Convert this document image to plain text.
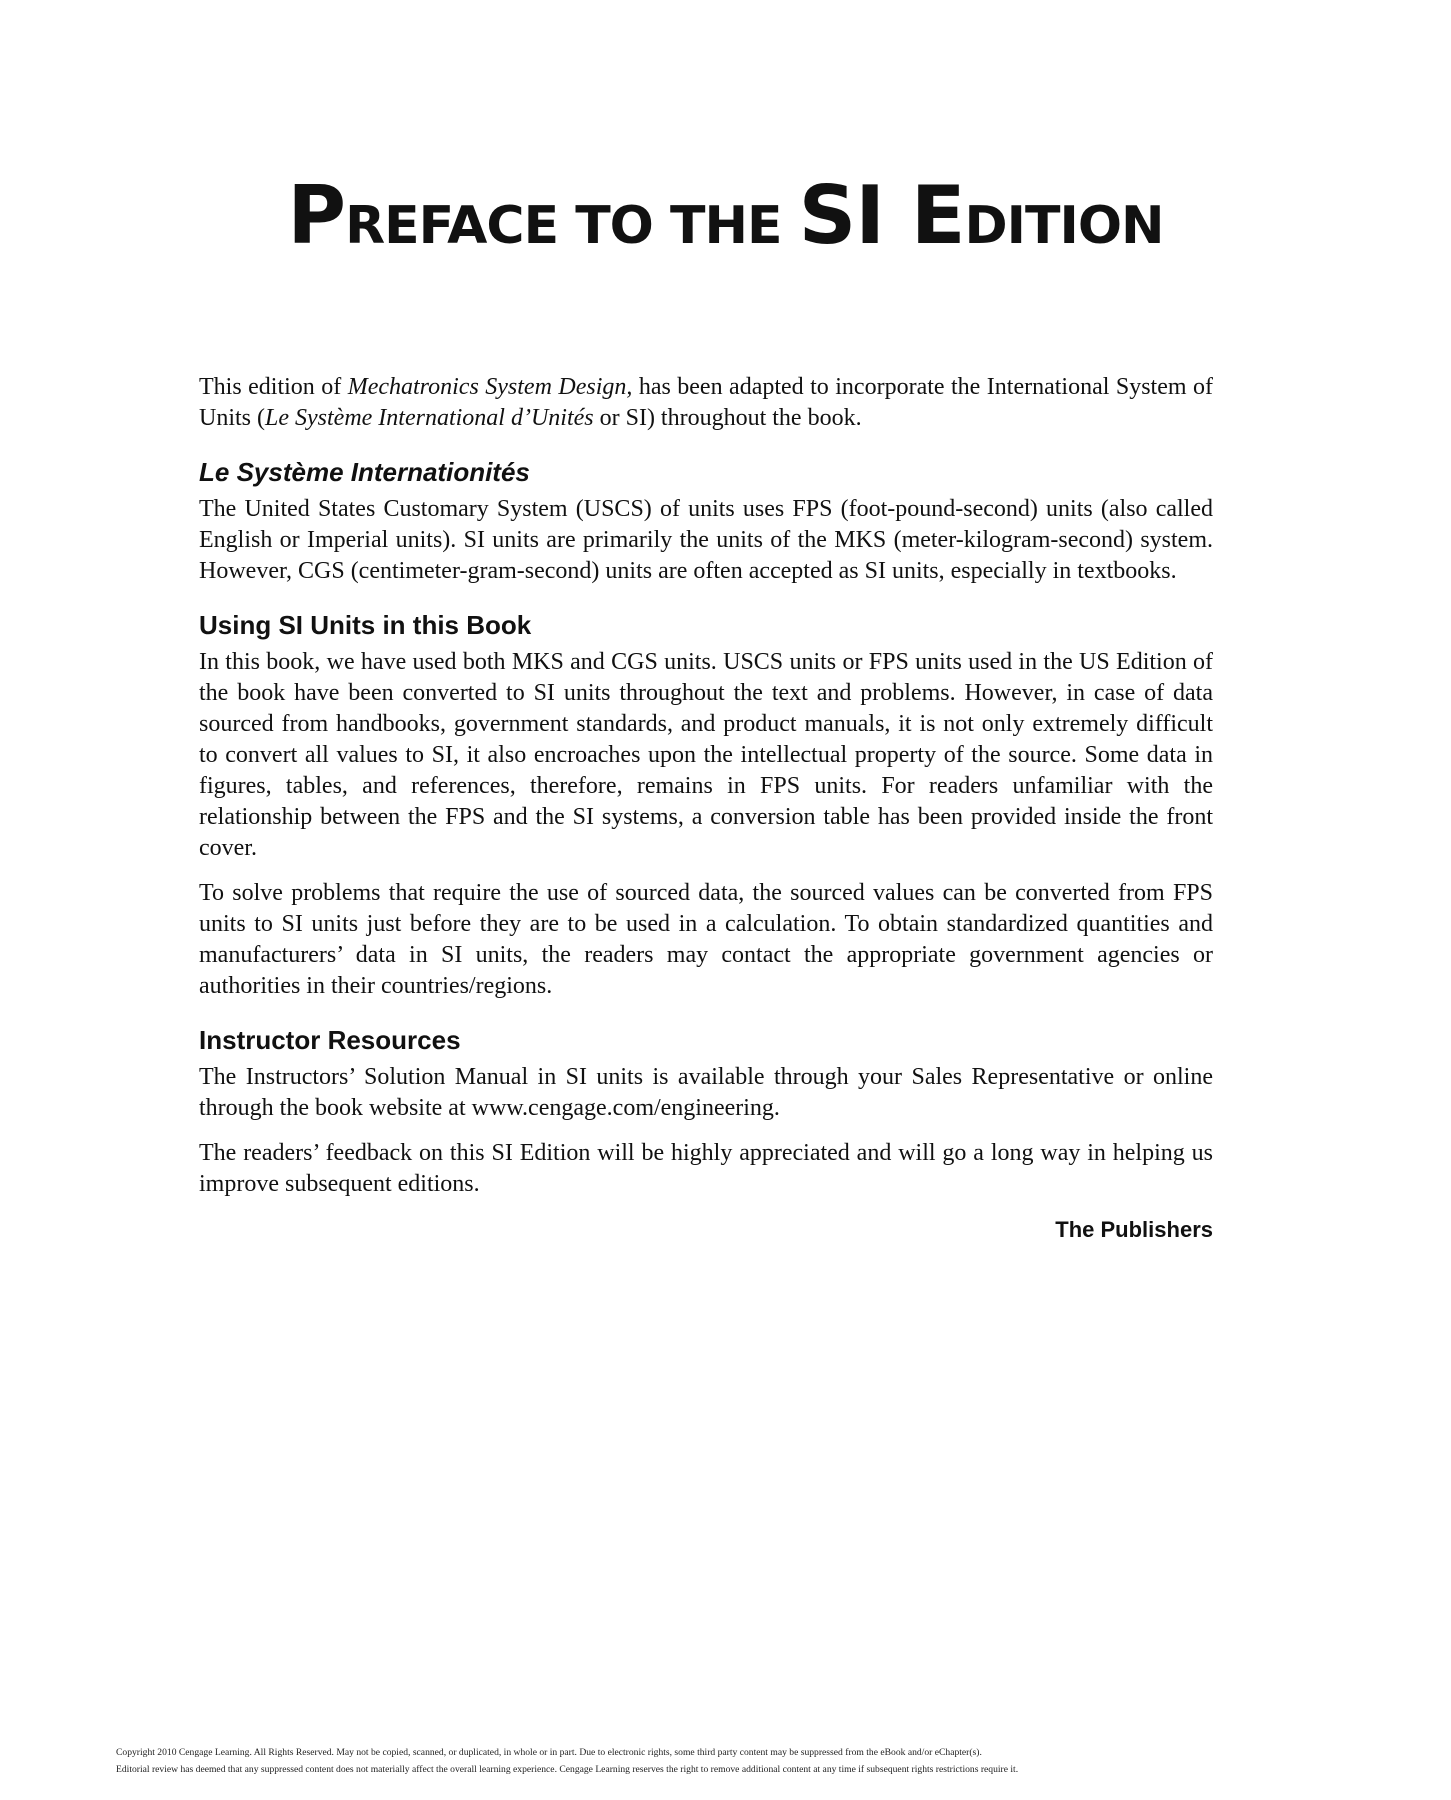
PREFACE TO THE SI EDITION

This edition of Mechatronics System Design, has been adapted to incorporate the International System of Units (Le Système International d’Unités or SI) throughout the book.

Le Système Internationités

The United States Customary System (USCS) of units uses FPS (foot-pound-second) units (also called English or Imperial units). SI units are primarily the units of the MKS (meter-kilogram-second) system. However, CGS (centimeter-gram-second) units are often accepted as SI units, especially in textbooks.

Using SI Units in this Book

In this book, we have used both MKS and CGS units. USCS units or FPS units used in the US Edition of the book have been converted to SI units throughout the text and problems. However, in case of data sourced from handbooks, government standards, and product manuals, it is not only extremely difficult to convert all values to SI, it also encroaches upon the intellectual property of the source. Some data in figures, tables, and references, therefore, remains in FPS units. For readers unfamiliar with the relationship between the FPS and the SI systems, a conversion table has been provided inside the front cover.

To solve problems that require the use of sourced data, the sourced values can be converted from FPS units to SI units just before they are to be used in a calculation. To obtain standardized quantities and manufacturers’ data in SI units, the readers may contact the appropriate government agencies or authorities in their countries/regions.

Instructor Resources

The Instructors’ Solution Manual in SI units is available through your Sales Representative or online through the book website at www.cengage.com/engineering.

The readers’ feedback on this SI Edition will be highly appreciated and will go a long way in helping us improve subsequent editions.

The Publishers
Copyright 2010 Cengage Learning. All Rights Reserved. May not be copied, scanned, or duplicated, in whole or in part. Due to electronic rights, some third party content may be suppressed from the eBook and/or eChapter(s).
Editorial review has deemed that any suppressed content does not materially affect the overall learning experience. Cengage Learning reserves the right to remove additional content at any time if subsequent rights restrictions require it.
